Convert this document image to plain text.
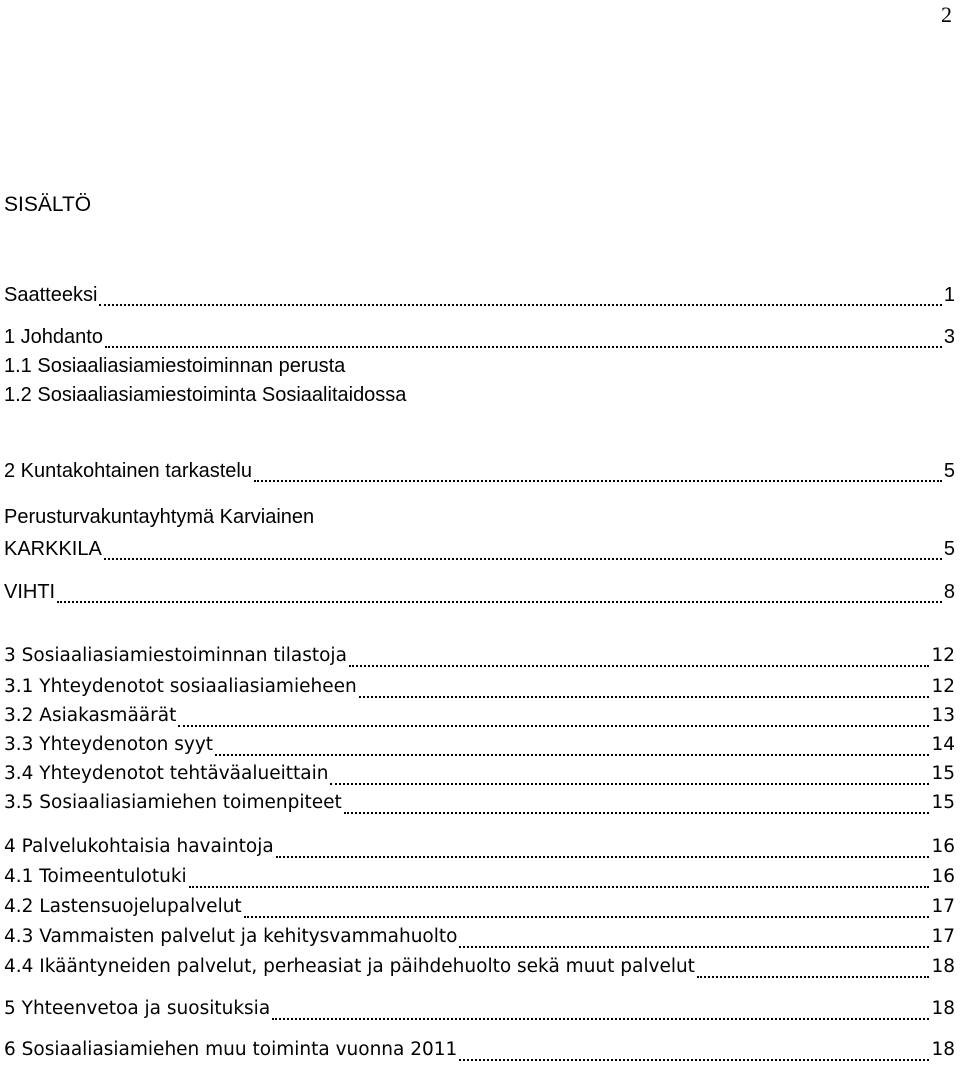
2
SISÄLTÖ
Saatteeksi	1
1 Johdanto	3
1.1 Sosiaaliasiamiestoiminnan perusta
1.2 Sosiaaliasiamiestoiminta Sosiaalitaidossa
2 Kuntakohtainen tarkastelu	5
Perusturvakuntayhtymä Karviainen
KARKKILA	5
VIHTI	8
3 Sosiaaliasiamiestoiminnan tilastoja	12
3.1 Yhteydenotot sosiaaliasiamieheen	12
3.2 Asiakasmäärät	13
3.3 Yhteydenoton syyt	14
3.4 Yhteydenotot tehtäväalueittain	15
3.5 Sosiaaliasiamiehen toimenpiteet	15
4 Palvelukohtaisia havaintoja	16
4.1 Toimeentulotuki	16
4.2 Lastensuojelupalvelut	17
4.3 Vammaisten palvelut ja kehitysvammahuolto	17
4.4 Ikääntyneiden palvelut, perheasiat ja päihdehuolto sekä muut palvelut	18
5 Yhteenvetoa ja suosituksia	18
6 Sosiaaliasiamiehen muu toiminta vuonna 2011	18
